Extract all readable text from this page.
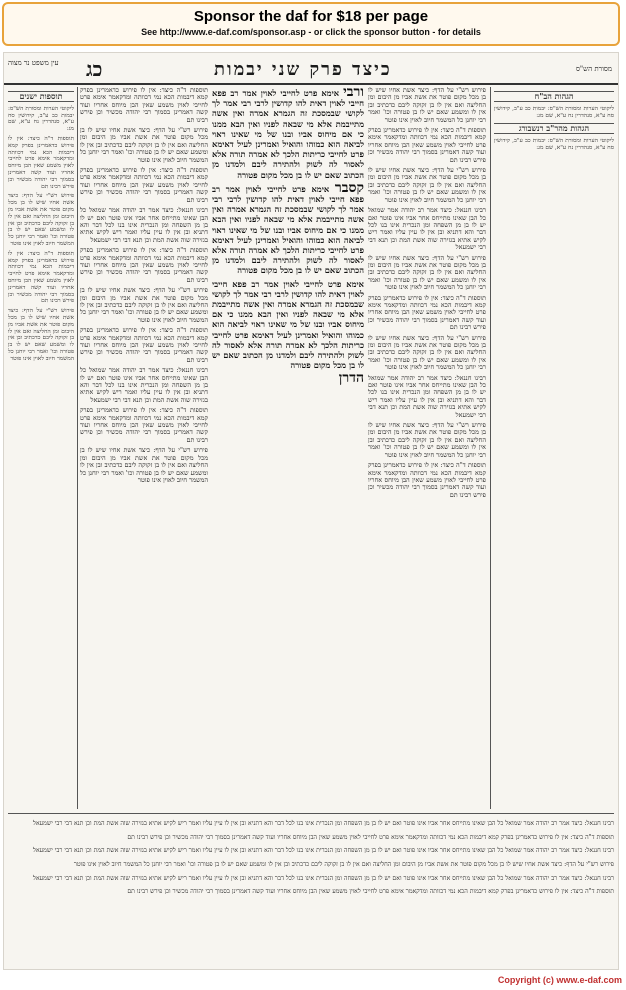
Sponsor the daf for $18 per page
See http://www.e-daf.com/sponsor.asp - or click the sponsor button - for details
עין משפט נר מצוה	כג	כיצד פרק שני יבמות	מסורת הש"ס
תוספות ישנים

ליקוטי הערות ומסורת הש"ס: יבמות כב ע"ב, קידושין סח ע"א, סנהדרין נח ע"א, שם מג:

תוספות ד"ה כיצד: אין לו פירוש כדאמרינן בפרק קמא דיבמות הכא נמי דכוותה ומדקאמר אימא פרט לחייבי לאוין משמע שאין הבן מיוחס אחריו ועוד קשה דאמרינן בסמוך רבי יהודה מכשיר וכן פירש רבינו תם

פירוש רש"י על הדף: כיצד אשת אחיו שיש לו בן מכל מקום פוטר את אשת אביו מן היבום ומן החליצה ואם אין לו בן זקוקה ליבם כדכתיב ובן אין לו ומשמע שאם יש לו בן פטורה וכו' ואמר רבי יוחנן כל המשמר חיוב לאוין אינו פוטר

תוספות ד"ה כיצד: אין לו פירוש כדאמרינן בפרק קמא דיבמות הכא נמי דכוותה ומדקאמר אימא פרט לחייבי לאוין משמע שאין הבן מיוחס אחריו ועוד קשה דאמרינן בסמוך רבי יהודה מכשיר וכן פירש רבינו תם

פירוש רש"י על הדף: כיצד אשת אחיו שיש לו בן מכל מקום פוטר את אשת אביו מן היבום ומן החליצה ואם אין לו בן זקוקה ליבם כדכתיב ובן אין לו ומשמע שאם יש לו בן פטורה וכו' ואמר רבי יוחנן כל המשמר חיוב לאוין אינו פוטר

תוספות ד"ה כיצד: אין לו פירוש כדאמרינן בפרק קמא דיבמות הכא נמי דכוותה ומדקאמר אימא פרט לחייבי לאוין משמע שאין הבן מיוחס אחריו ועוד קשה דאמרינן בסמוך רבי יהודה מכשיר וכן פירש רבינו תם

פירוש רש"י על הדף: כיצד אשת אחיו שיש לו בן מכל מקום פוטר את אשת אביו מן היבום ומן החליצה ואם אין לו בן זקוקה ליבם כדכתיב ובן אין לו ומשמע שאם יש לו בן פטורה וכו' ואמר רבי יוחנן כל המשמר חיוב לאוין אינו פוטר

תוספות ד"ה כיצד: אין לו פירוש כדאמרינן בפרק קמא דיבמות הכא נמי דכוותה ומדקאמר אימא פרט לחייבי לאוין משמע שאין הבן מיוחס אחריו ועוד קשה דאמרינן בסמוך רבי יהודה מכשיר וכן פירש רבינו תם

רבינו חננאל: כיצד אמר רב יהודה אמר שמואל כל הבן שאינו מתייחס אחר אביו אינו פוטר ואם יש לו בן מן השפחה ומן הנכרית אינו בנו לכל דבר והא דתניא ובן אין לו עיין עליו ואמר ריש לקיש אתיא בגזירה שוה אשת המת וכן תנא דבי רבי ישמעאל

תוספות ד"ה כיצד: אין לו פירוש כדאמרינן בפרק קמא דיבמות הכא נמי דכוותה ומדקאמר אימא פרט לחייבי לאוין משמע שאין הבן מיוחס אחריו ועוד קשה דאמרינן בסמוך רבי יהודה מכשיר וכן פירש רבינו תם

פירוש רש"י על הדף: כיצד אשת אחיו שיש לו בן מכל מקום פוטר את אשת אביו מן היבום ומן החליצה ואם אין לו בן זקוקה ליבם כדכתיב ובן אין לו ומשמע שאם יש לו בן פטורה וכו' ואמר רבי יוחנן כל המשמר חיוב לאוין אינו פוטר

תוספות ד"ה כיצד: אין לו פירוש כדאמרינן בפרק קמא דיבמות הכא נמי דכוותה ומדקאמר אימא פרט לחייבי לאוין משמע שאין הבן מיוחס אחריו ועוד קשה דאמרינן בסמוך רבי יהודה מכשיר וכן פירש רבינו תם

רבינו חננאל: כיצד אמר רב יהודה אמר שמואל כל הבן שאינו מתייחס אחר אביו אינו פוטר ואם יש לו בן מן השפחה ומן הנכרית אינו בנו לכל דבר והא דתניא ובן אין לו עיין עליו ואמר ריש לקיש אתיא בגזירה שוה אשת המת וכן תנא דבי רבי ישמעאל

תוספות ד"ה כיצד: אין לו פירוש כדאמרינן בפרק קמא דיבמות הכא נמי דכוותה ומדקאמר אימא פרט לחייבי לאוין משמע שאין הבן מיוחס אחריו ועוד קשה דאמרינן בסמוך רבי יהודה מכשיר וכן פירש רבינו תם

פירוש רש"י על הדף: כיצד אשת אחיו שיש לו בן מכל מקום פוטר את אשת אביו מן היבום ומן החליצה ואם אין לו בן זקוקה ליבם כדכתיב ובן אין לו ומשמע שאם יש לו בן פטורה וכו' ואמר רבי יוחנן כל המשמר חיוב לאוין אינו פוטר

ורבי אימא פרט לחייבי לאוין אמר רב פפא חייבי לאוין דאית להו קדושין לרבי רבי אמר לך לקושי שבמסכת זה הגמרא אמרה ואין אשה מתייבמת אלא מי שבאה לפניו ואין הבא ממנו כי אם מיחוס אביו ובנו של מי שאינו ראוי לביאה הוא כמוהו והואיל ואמרינן לעיל דאימא פרט לחייבי כריתות הלכך לא אמרה תורה אלא לאסור לה לשוק ולהתירה ליבם ולמדנו מן הכתוב שאם יש לו בן מכל מקום פטורה

קסבר אימא פרט לחייבי לאוין אמר רב פפא חייבי לאוין דאית להו קדושין לרבי רבי אמר לך לקושי שבמסכת זה הגמרא אמרה ואין אשה מתייבמת אלא מי שבאה לפניו ואין הבא ממנו כי אם מיחוס אביו ובנו של מי שאינו ראוי לביאה הוא כמוהו והואיל ואמרינן לעיל דאימא פרט לחייבי כריתות הלכך לא אמרה תורה אלא לאסור לה לשוק ולהתירה ליבם ולמדנו מן הכתוב שאם יש לו בן מכל מקום פטורה

אימא פרט לחייבי לאוין אמר רב פפא חייבי לאוין דאית להו קדושין לרבי רבי אמר לך לקושי שבמסכת זה הגמרא אמרה ואין אשה מתייבמת אלא מי שבאה לפניו ואין הבא ממנו כי אם מיחוס אביו ובנו של מי שאינו ראוי לביאה הוא כמוהו והואיל ואמרינן לעיל דאימא פרט לחייבי כריתות הלכך לא אמרה תורה אלא לאסור לה לשוק ולהתירה ליבם ולמדנו מן הכתוב שאם יש לו בן מכל מקום פטורה

הדרן

פירוש רש"י על הדף: כיצד אשת אחיו שיש לו בן מכל מקום פוטר את אשת אביו מן היבום ומן החליצה ואם אין לו בן זקוקה ליבם כדכתיב ובן אין לו ומשמע שאם יש לו בן פטורה וכו' ואמר רבי יוחנן כל המשמר חיוב לאוין אינו פוטר

תוספות ד"ה כיצד: אין לו פירוש כדאמרינן בפרק קמא דיבמות הכא נמי דכוותה ומדקאמר אימא פרט לחייבי לאוין משמע שאין הבן מיוחס אחריו ועוד קשה דאמרינן בסמוך רבי יהודה מכשיר וכן פירש רבינו תם

פירוש רש"י על הדף: כיצד אשת אחיו שיש לו בן מכל מקום פוטר את אשת אביו מן היבום ומן החליצה ואם אין לו בן זקוקה ליבם כדכתיב ובן אין לו ומשמע שאם יש לו בן פטורה וכו' ואמר רבי יוחנן כל המשמר חיוב לאוין אינו פוטר

רבינו חננאל: כיצד אמר רב יהודה אמר שמואל כל הבן שאינו מתייחס אחר אביו אינו פוטר ואם יש לו בן מן השפחה ומן הנכרית אינו בנו לכל דבר והא דתניא ובן אין לו עיין עליו ואמר ריש לקיש אתיא בגזירה שוה אשת המת וכן תנא דבי רבי ישמעאל

פירוש רש"י על הדף: כיצד אשת אחיו שיש לו בן מכל מקום פוטר את אשת אביו מן היבום ומן החליצה ואם אין לו בן זקוקה ליבם כדכתיב ובן אין לו ומשמע שאם יש לו בן פטורה וכו' ואמר רבי יוחנן כל המשמר חיוב לאוין אינו פוטר

תוספות ד"ה כיצד: אין לו פירוש כדאמרינן בפרק קמא דיבמות הכא נמי דכוותה ומדקאמר אימא פרט לחייבי לאוין משמע שאין הבן מיוחס אחריו ועוד קשה דאמרינן בסמוך רבי יהודה מכשיר וכן פירש רבינו תם

פירוש רש"י על הדף: כיצד אשת אחיו שיש לו בן מכל מקום פוטר את אשת אביו מן היבום ומן החליצה ואם אין לו בן זקוקה ליבם כדכתיב ובן אין לו ומשמע שאם יש לו בן פטורה וכו' ואמר רבי יוחנן כל המשמר חיוב לאוין אינו פוטר

רבינו חננאל: כיצד אמר רב יהודה אמר שמואל כל הבן שאינו מתייחס אחר אביו אינו פוטר ואם יש לו בן מן השפחה ומן הנכרית אינו בנו לכל דבר והא דתניא ובן אין לו עיין עליו ואמר ריש לקיש אתיא בגזירה שוה אשת המת וכן תנא דבי רבי ישמעאל

פירוש רש"י על הדף: כיצד אשת אחיו שיש לו בן מכל מקום פוטר את אשת אביו מן היבום ומן החליצה ואם אין לו בן זקוקה ליבם כדכתיב ובן אין לו ומשמע שאם יש לו בן פטורה וכו' ואמר רבי יוחנן כל המשמר חיוב לאוין אינו פוטר

תוספות ד"ה כיצד: אין לו פירוש כדאמרינן בפרק קמא דיבמות הכא נמי דכוותה ומדקאמר אימא פרט לחייבי לאוין משמע שאין הבן מיוחס אחריו ועוד קשה דאמרינן בסמוך רבי יהודה מכשיר וכן פירש רבינו תם

הגהות הב"ח

ליקוטי הערות ומסורת הש"ס: יבמות כב ע"ב, קידושין סח ע"א, סנהדרין נח ע"א, שם מג:

הגהות מהר"ב רנשבורג

ליקוטי הערות ומסורת הש"ס: יבמות כב ע"ב, קידושין סח ע"א, סנהדרין נח ע"א, שם מג:

רבינו חננאל: כיצד אמר רב יהודה אמר שמואל כל הבן שאינו מתייחס אחר אביו אינו פוטר ואם יש לו בן מן השפחה ומן הנכרית אינו בנו לכל דבר והא דתניא ובן אין לו עיין עליו ואמר ריש לקיש אתיא בגזירה שוה אשת המת וכן תנא דבי רבי ישמעאל

תוספות ד"ה כיצד: אין לו פירוש כדאמרינן בפרק קמא דיבמות הכא נמי דכוותה ומדקאמר אימא פרט לחייבי לאוין משמע שאין הבן מיוחס אחריו ועוד קשה דאמרינן בסמוך רבי יהודה מכשיר וכן פירש רבינו תם

רבינו חננאל: כיצד אמר רב יהודה אמר שמואל כל הבן שאינו מתייחס אחר אביו אינו פוטר ואם יש לו בן מן השפחה ומן הנכרית אינו בנו לכל דבר והא דתניא ובן אין לו עיין עליו ואמר ריש לקיש אתיא בגזירה שוה אשת המת וכן תנא דבי רבי ישמעאל

פירוש רש"י על הדף: כיצד אשת אחיו שיש לו בן מכל מקום פוטר את אשת אביו מן היבום ומן החליצה ואם אין לו בן זקוקה ליבם כדכתיב ובן אין לו ומשמע שאם יש לו בן פטורה וכו' ואמר רבי יוחנן כל המשמר חיוב לאוין אינו פוטר

רבינו חננאל: כיצד אמר רב יהודה אמר שמואל כל הבן שאינו מתייחס אחר אביו אינו פוטר ואם יש לו בן מן השפחה ומן הנכרית אינו בנו לכל דבר והא דתניא ובן אין לו עיין עליו ואמר ריש לקיש אתיא בגזירה שוה אשת המת וכן תנא דבי רבי ישמעאל

תוספות ד"ה כיצד: אין לו פירוש כדאמרינן בפרק קמא דיבמות הכא נמי דכוותה ומדקאמר אימא פרט לחייבי לאוין משמע שאין הבן מיוחס אחריו ועוד קשה דאמרינן בסמוך רבי יהודה מכשיר וכן פירש רבינו תם

Copyright (c) www.e-daf.com
